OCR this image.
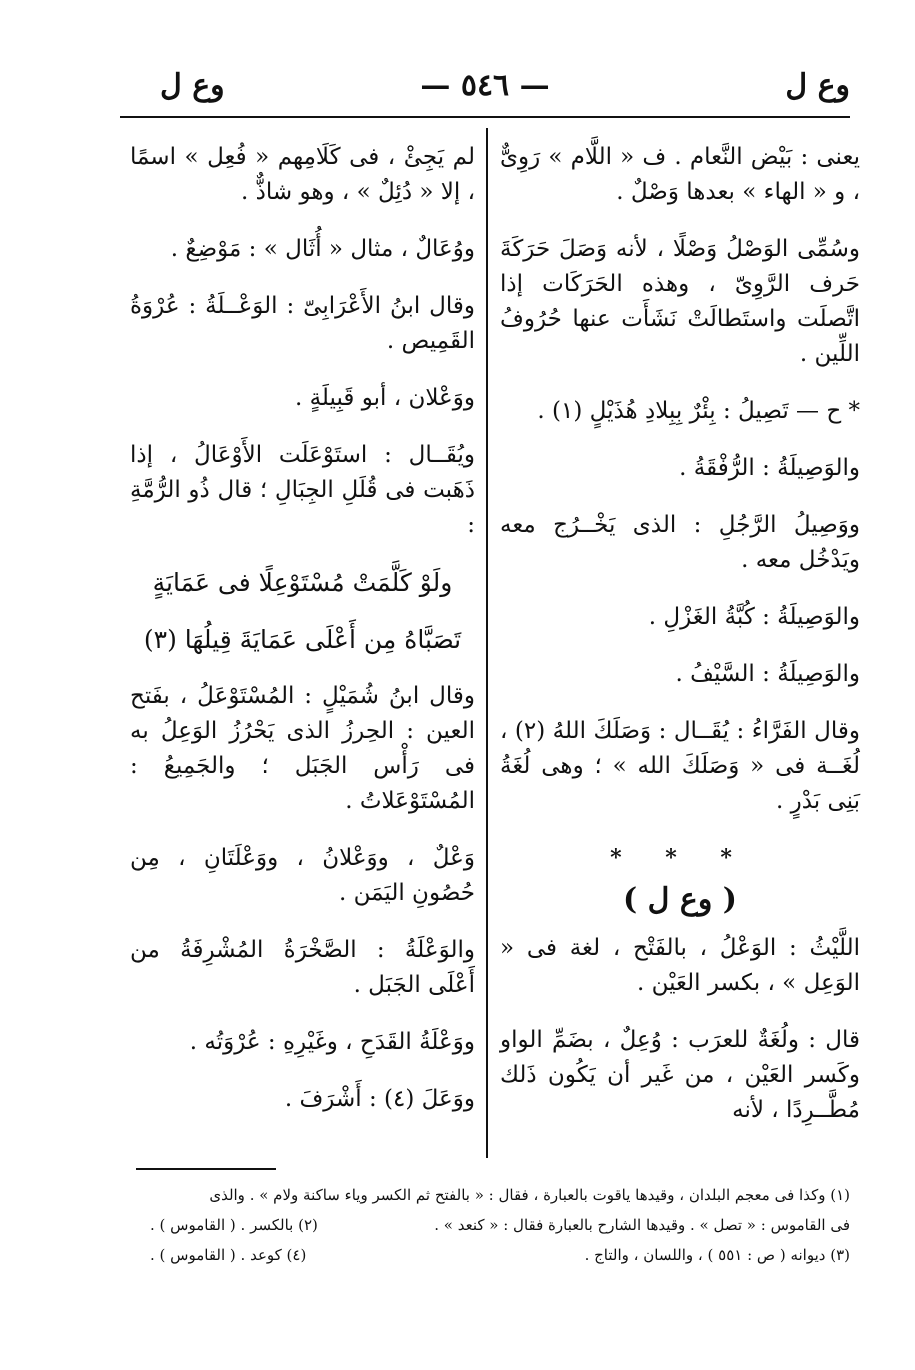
وع ل
— ٥٤٦ —
وع ل

يعنى : بَيْض النَّعام . ف « اللَّام » رَوِىٌّ ، و « الهاء » بعدها وَصْلٌ .

وسُمِّى الوَصْلُ وَصْلًا ، لأنه وَصَلَ حَرَكَةَ حَرف الرَّوِىّ ، وهذه الحَرَكَات إذا اتَّصلَت واستَطالَتْ نَشَأَت عنها حُرُوفُ اللِّين .

* ح — تَصِيلُ : بِئْرٌ بِبِلادِ هُذَيْلٍ (١) .

والوَصِيلَةُ : الرُّفْقَةُ .

ووَصِيلُ الرَّجُلِ : الذى يَخْــرُج معه ويَدْخُل معه .

والوَصِيلَةُ : كُبَّةُ الغَزْلِ .

والوَصِيلَةُ : السَّيْفُ .

وقال الفَرَّاءُ : يُقَــال : وَصَلَكَ اللهُ (٢) ، لُغَــة فى « وَصَلَكَ الله » ؛ وهى لُغَةُ بَنِى بَدْرٍ .

* * *
( وع ل )

اللَّيْثُ : الوَعْلُ ، بالفَتْح ، لغة فى « الوَعِل » ، بكسر العَيْن .

قال : ولُغَةٌ للعرَب : وُعِلٌ ، بضَمِّ الواو وكَسر العَيْن ، من غَير أن يَكُون ذَلك مُطَّــرِدًا ، لأنه

لم يَجِئْ ، فى كَلَامِهم « فُعِل » اسمًا ، إلا « دُئِلٌ » ، وهو شاذٌّ .

ووُعَالٌ ، مثال « أُثَال » : مَوْضِعٌ .

وقال ابنُ الأَعْرَابِىّ : الوَعْــلَةُ : عُرْوَةُ القَمِيص .

ووَعْلان ، أبو قَبِيلَةٍ .

ويُقَــال : استَوْعَلَت الأَوْعَالُ ، إذا ذَهَبت فى قُلَلِ الجِبَالِ ؛ قال ذُو الرُّمَّةِ :

ولَوْ كَلَّمَتْ مُسْتَوْعِلًا فى عَمَايَةٍ
تَصَبَّاهُ مِن أَعْلَى عَمَايَةَ قِيلُهَا (٣)

وقال ابنُ شُمَيْلٍ : المُسْتَوْعَلُ ، بفَتح العين : الحِرزُ الذى يَحْرُزُ الوَعِلُ به فى رَأْس الجَبَل ؛ والجَمِيعُ : المُسْتَوْعَلاتُ .

وَعْلٌ ، ووَعْلانُ ، ووَعْلَتَانِ ، مِن حُصُونِ اليَمَن .

والوَعْلَةُ : الصَّخْرَةُ المُشْرِفَةُ من أَعْلَى الجَبَل .

ووَعْلَةُ القَدَحِ ، وغَيْرِهِ : عُرْوَتُه .

ووَعَلَ (٤) : أَشْرَفَ .

(١) وكذا فى معجم البلدان ، وقيدها ياقوت بالعبارة ، فقال : « بالفتح ثم الكسر وياء ساكنة ولام » . والذى

فى القاموس : « تصل » . وقيدها الشارح بالعبارة فقال : « كنعد » .
(٢) بالكسر . ( القاموس ) .
(٣) ديوانه ( ص : ٥٥١ ) ، واللسان ، والتاج .
(٤) كوعد . ( القاموس ) .
